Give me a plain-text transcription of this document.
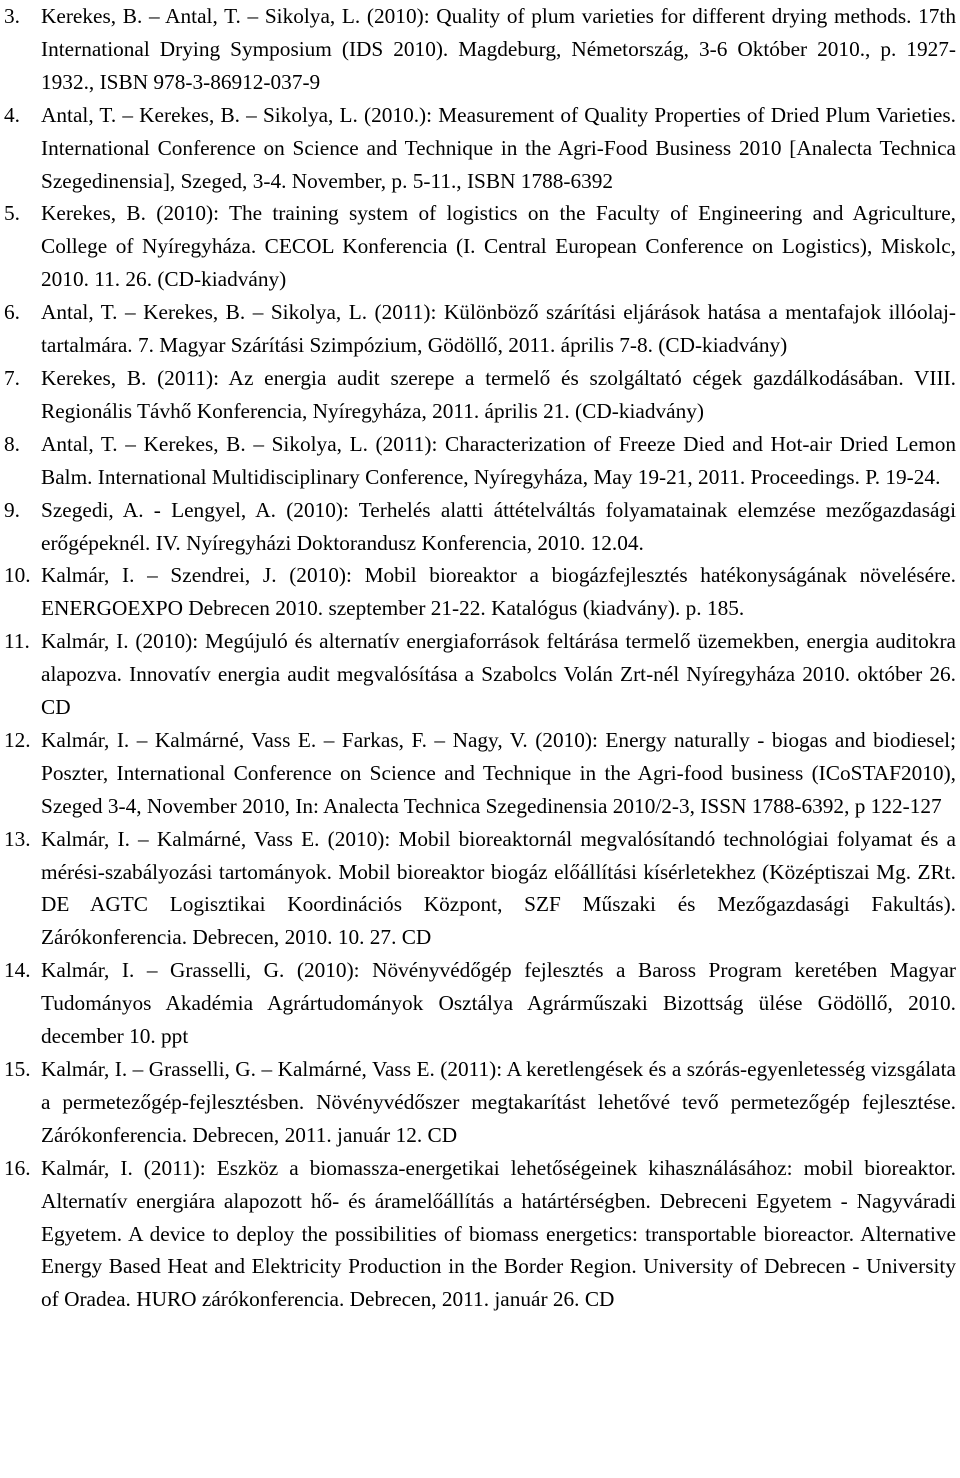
3. Kerekes, B. – Antal, T. – Sikolya, L. (2010): Quality of plum varieties for different drying methods. 17th International Drying Symposium (IDS 2010). Magdeburg, Németország, 3-6 Október 2010., p. 1927-1932., ISBN 978-3-86912-037-9
4. Antal, T. – Kerekes, B. – Sikolya, L. (2010.): Measurement of Quality Properties of Dried Plum Varieties. International Conference on Science and Technique in the Agri-Food Business 2010 [Analecta Technica Szegedinensia], Szeged, 3-4. November, p. 5-11., ISBN 1788-6392
5. Kerekes, B. (2010): The training system of logistics on the Faculty of Engineering and Agriculture, College of Nyíregyháza. CECOL Konferencia (I. Central European Conference on Logistics), Miskolc, 2010. 11. 26. (CD-kiadvány)
6. Antal, T. – Kerekes, B. – Sikolya, L. (2011): Különböző szárítási eljárások hatása a mentafajok illóolaj-tartalmára. 7. Magyar Szárítási Szimpózium, Gödöllő, 2011. április 7-8. (CD-kiadvány)
7. Kerekes, B. (2011): Az energia audit szerepe a termelő és szolgáltató cégek gazdálkodásában. VIII. Regionális Távhő Konferencia, Nyíregyháza, 2011. április 21. (CD-kiadvány)
8. Antal, T. – Kerekes, B. – Sikolya, L. (2011): Characterization of Freeze Died and Hot-air Dried Lemon Balm. International Multidisciplinary Conference, Nyíregyháza, May 19-21, 2011. Proceedings. P. 19-24.
9. Szegedi, A. - Lengyel, A. (2010): Terhelés alatti áttételváltás folyamatainak elemzése mezőgazdasági erőgépeknél. IV. Nyíregyházi Doktorandusz Konferencia, 2010. 12.04.
10. Kalmár, I. – Szendrei, J. (2010): Mobil bioreaktor a biogázfejlesztés hatékonyságának növelésére. ENERGOEXPO Debrecen 2010. szeptember 21-22. Katalógus (kiadvány). p. 185.
11. Kalmár, I. (2010): Megújuló és alternatív energiaforrások feltárása termelő üzemekben, energia auditokra alapozva. Innovatív energia audit megvalósítása a Szabolcs Volán Zrt-nél Nyíregyháza 2010. október 26. CD
12. Kalmár, I. – Kalmárné, Vass E. – Farkas, F. – Nagy, V. (2010): Energy naturally - biogas and biodiesel; Poszter, International Conference on Science and Technique in the Agri-food business (ICoSTAF2010), Szeged 3-4, November 2010, In: Analecta Technica Szegedinensia 2010/2-3, ISSN 1788-6392, p 122-127
13. Kalmár, I. – Kalmárné, Vass E. (2010): Mobil bioreaktornál megvalósítandó technológiai folyamat és a mérési-szabályozási tartományok. Mobil bioreaktor biogáz előállítási kísérletekhez (Középtiszai Mg. ZRt. DE AGTC Logisztikai Koordinációs Központ, SZF Műszaki és Mezőgazdasági Fakultás). Zárókonferencia. Debrecen, 2010. 10. 27. CD
14. Kalmár, I. – Grasselli, G. (2010): Növényvédőgép fejlesztés a Baross Program keretében Magyar Tudományos Akadémia Agrártudományok Osztálya Agrárműszaki Bizottság ülése Gödöllő, 2010. december 10. ppt
15. Kalmár, I. – Grasselli, G. – Kalmárné, Vass E. (2011): A keretlengések és a szórás-egyenletesség vizsgálata a permetezőgép-fejlesztésben. Növényvédőszer megtakarítást lehetővé tevő permetezőgép fejlesztése. Zárókonferencia. Debrecen, 2011. január 12. CD
16. Kalmár, I. (2011): Eszköz a biomassza-energetikai lehetőségeinek kihasználásához: mobil bioreaktor. Alternatív energiára alapozott hő- és áramelőállítás a határtérségben. Debreceni Egyetem - Nagyváradi Egyetem. A device to deploy the possibilities of biomass energetics: transportable bioreactor. Alternative Energy Based Heat and Elektricity Production in the Border Region. University of Debrecen - University of Oradea. HURO zárókonferencia. Debrecen, 2011. január 26. CD
